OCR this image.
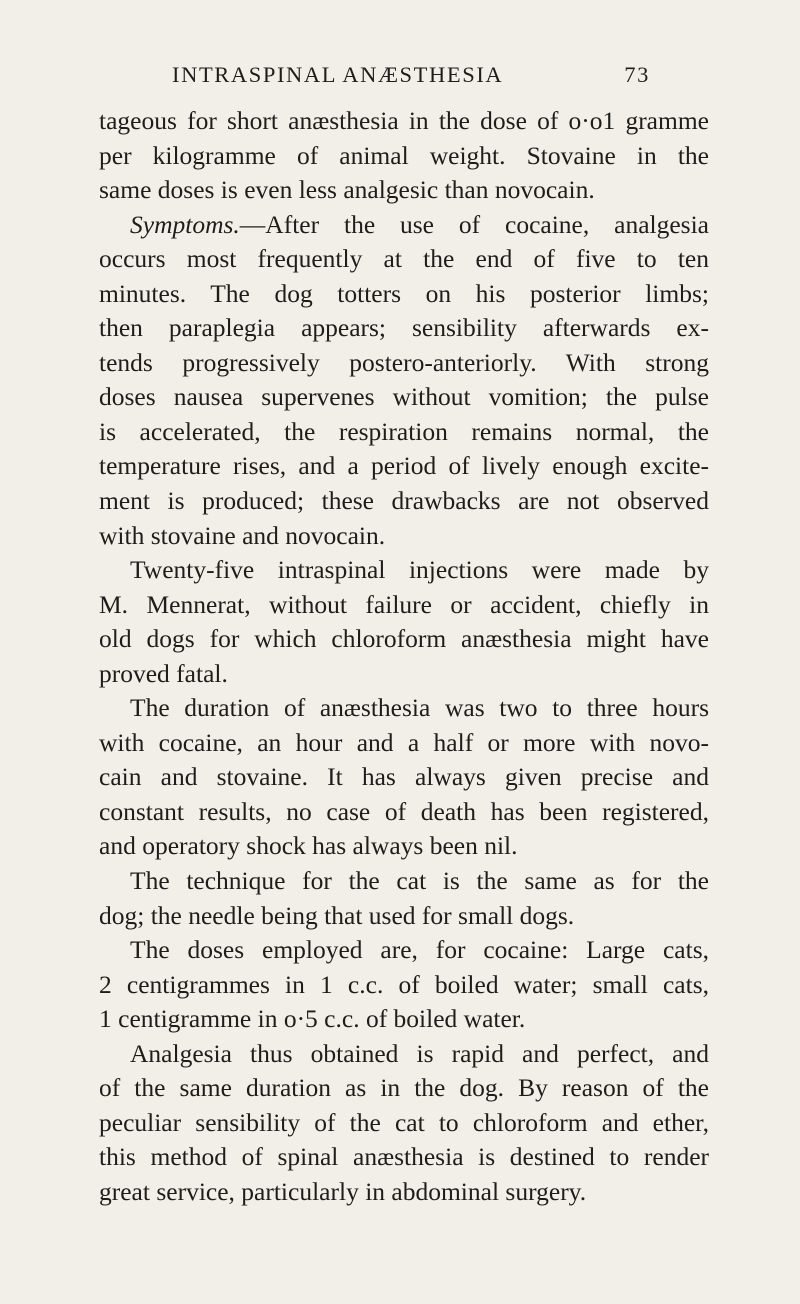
INTRASPINAL ANÆSTHESIA	73
tageous for short anæsthesia in the dose of o·o1 gramme
per kilogramme of animal weight. Stovaine in the
same doses is even less analgesic than novocain.
Symptoms.—After the use of cocaine, analgesia
occurs most frequently at the end of five to ten
minutes. The dog totters on his posterior limbs;
then paraplegia appears; sensibility afterwards ex-
tends progressively postero-anteriorly. With strong
doses nausea supervenes without vomition; the pulse
is accelerated, the respiration remains normal, the
temperature rises, and a period of lively enough excite-
ment is produced; these drawbacks are not observed
with stovaine and novocain.
Twenty-five intraspinal injections were made by
M. Mennerat, without failure or accident, chiefly in
old dogs for which chloroform anæsthesia might have
proved fatal.
The duration of anæsthesia was two to three hours
with cocaine, an hour and a half or more with novo-
cain and stovaine. It has always given precise and
constant results, no case of death has been registered,
and operatory shock has always been nil.
The technique for the cat is the same as for the
dog; the needle being that used for small dogs.
The doses employed are, for cocaine: Large cats,
2 centigrammes in 1 c.c. of boiled water; small cats,
1 centigramme in o·5 c.c. of boiled water.
Analgesia thus obtained is rapid and perfect, and
of the same duration as in the dog. By reason of the
peculiar sensibility of the cat to chloroform and ether,
this method of spinal anæsthesia is destined to render
great service, particularly in abdominal surgery.
